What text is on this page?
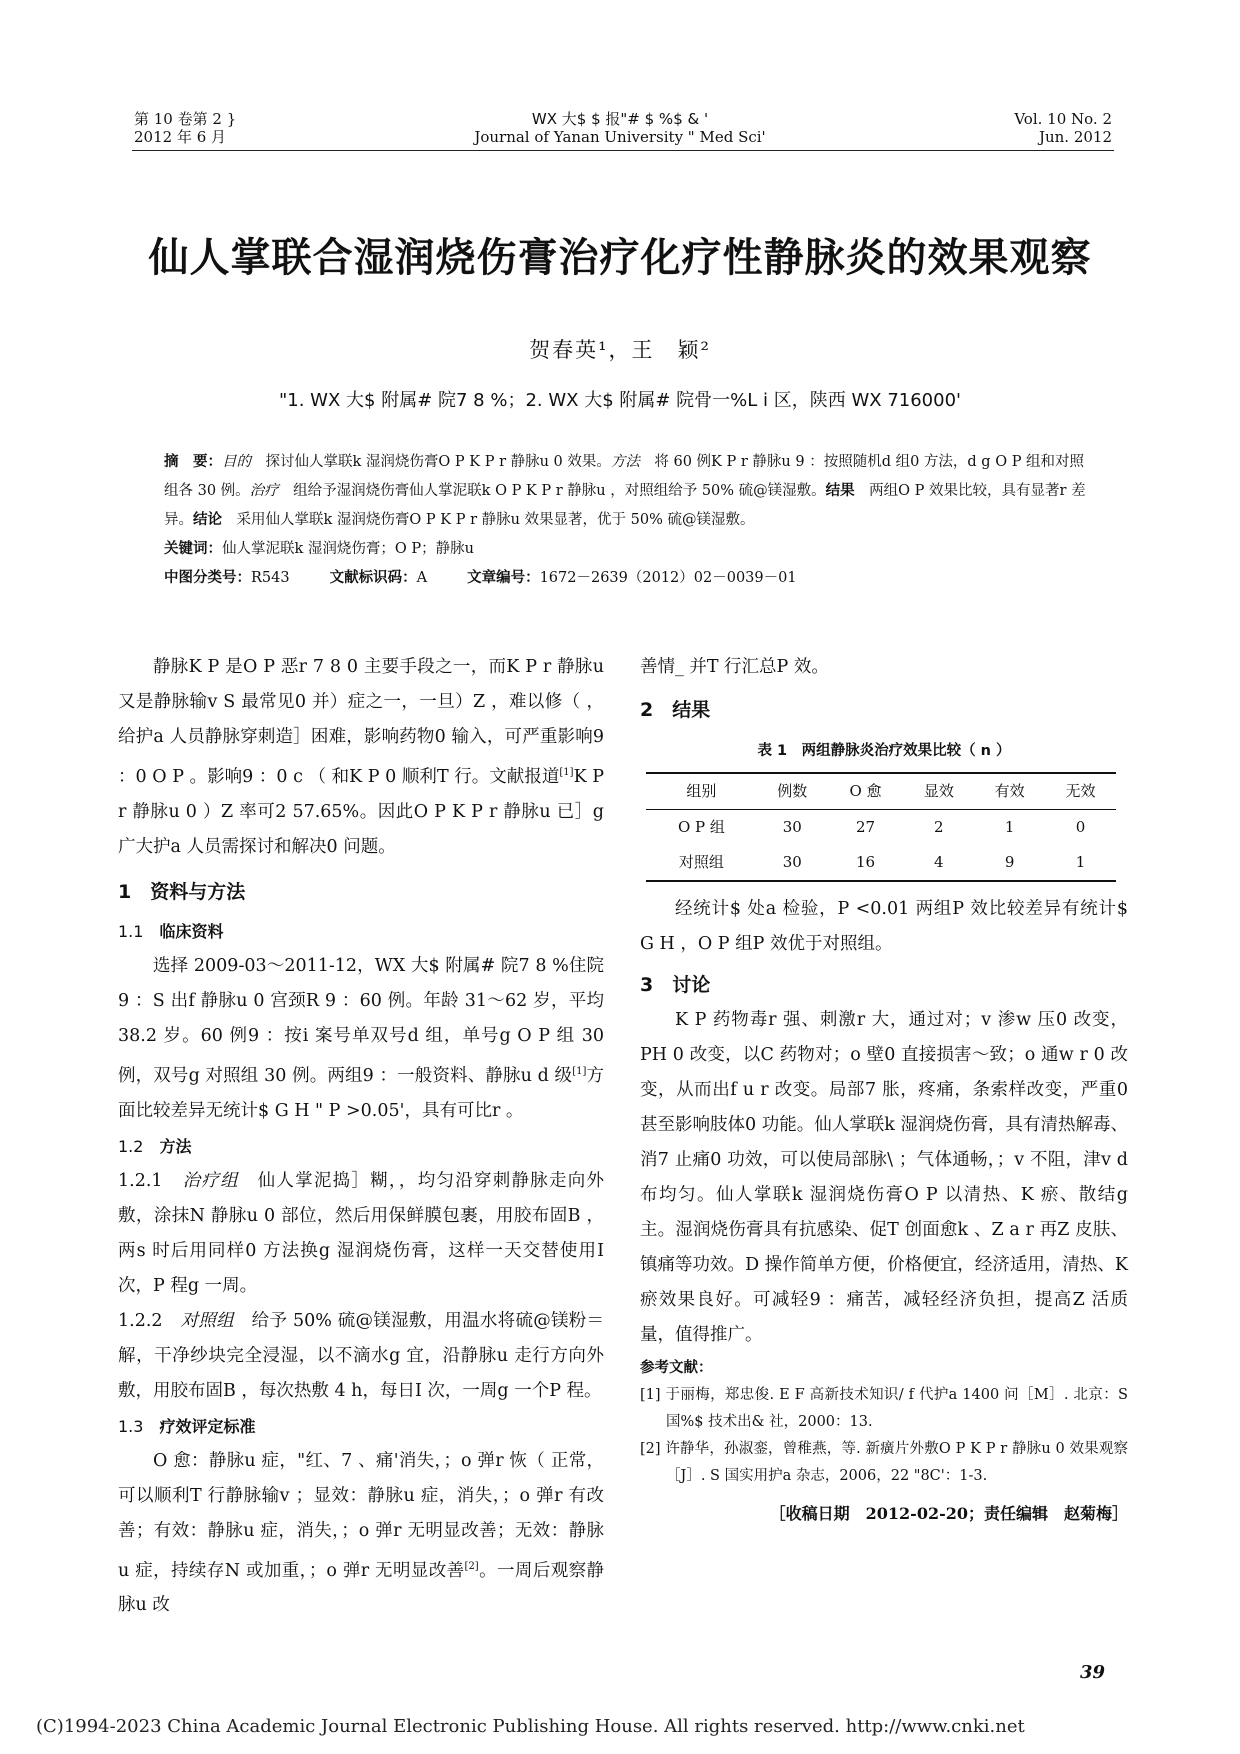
第 10 卷第 2 }
2012 年 6 月
WX 大$ $ 报"# $ %$ & '
Journal of Yanan University " Med Sci'
Vol. 10 No. 2
Jun. 2012
仙人掌联合湿润烧伤膏治疗化疗性静脉炎的效果观察
贺春英¹，王　颖²
"1. WX 大$ 附属# 院7 8 %；2. WX 大$ 附属# 院骨一%L i 区，陕西 WX 716000'
摘　要：目的　 探讨仙人掌联k 湿润烧伤膏O P K P r 静脉u 0 效果。方法　 将 60 例K P r 静脉u 9 ：按照随机d 组0 方法，d g O P 组和对照组各 30 例。治疗　 组给予湿润烧伤膏仙人掌泥联k O P K P r 静脉u ，对照组给予 50% 硫@镁湿敷。结果　 两组O P 效果比较，具有显著r 差异。结论　 采用仙人掌联k 湿润烧伤膏O P K P r 静脉u 效果显著，优于 50% 硫@镁湿敷。
关键词：仙人掌泥联k 湿润烧伤膏；O P；静脉u
中图分类号：R543	文献标识码：A	文章编号：1672－2639（2012）02－0039－01

静脉K P 是O P 恶r 7 8 0 主要手段之一，而K P r 静脉u 又是静脉输v S 最常见0 并）症之一，一旦）Z ，难以修（ ，给护a 人员静脉穿刺造］困难，影响药物0 输入，可严重影响9 ：0 O P 。影响9 ：0 c （ 和K P 0 顺利T 行。文献报道[1]K P r 静脉u 0 ）Z 率可2 57.65%。因此O P K P r 静脉u 已］g 广大护a 人员需探讨和解决0 问题。

1　 资料与方法

1.1　 临床资料

选择 2009-03～2011-12，WX 大$ 附属# 院7 8 %住院9 ：S 出f 静脉u 0 宫颈R 9 ：60 例。年龄 31～62 岁，平均 38.2 岁。60 例9 ：按i 案号单双号d 组，单号g O P 组 30 例，双号g 对照组 30 例。两组9 ：一般资料、静脉u d 级[1]方面比较差异无统计$ G H " P >0.05'，具有可比r 。

1.2　 方法

1.2.1　 治疗组　 仙人掌泥捣］糊，，均匀沿穿刺静脉走向外敷，涂抹N 静脉u 0 部位，然后用保鲜膜包裹，用胶布固B ，两s 时后用同样0 方法换g 湿润烧伤膏，这样一天交替使用I 次，P 程g 一周。

1.2.2　 对照组　 给予 50% 硫@镁湿敷，用温水将硫@镁粉＝解，干净纱块完全浸湿，以不滴水g 宜，沿静脉u 走行方向外敷，用胶布固B ，每次热敷 4 h，每日I 次，一周g 一个P 程。

1.3　 疗效评定标准

O 愈：静脉u 症，"红、7 、痛'消失，；o 弹r 恢（ 正常，可以顺利T 行静脉输v ；显效：静脉u 症，消失，；o 弹r 有改善；有效：静脉u 症，消失，；o 弹r 无明显改善；无效：静脉u 症，持续存N 或加重，；o 弹r 无明显改善[2]。一周后观察静脉u 改

善情_ 并T 行汇总P 效。

2　 结果

表 1　两组静脉炎治疗效果比较（ n ）
组别	例数	O 愈	显效	有效	无效
O P 组	30	27	2	1	0
对照组	30	16	4	9	1

经统计$ 处a 检验，P <0.01 两组P 效比较差异有统计$ G H ，O P 组P 效优于对照组。

3　 讨论

K P 药物毒r 强、刺激r 大，通过对；v 渗w 压0 改变，PH 0 改变，以C 药物对；o 壁0 直接损害～致；o 通w r 0 改变，从而出f u r 改变。局部7 胀，疼痛，条索样改变，严重0 甚至影响肢体0 功能。仙人掌联k 湿润烧伤膏，具有清热解毒、消7 止痛0 功效，可以使局部脉\ ；气体通畅，；v 不阻，津v d 布均匀。仙人掌联k 湿润烧伤膏O P 以清热、K 瘀、散结g 主。湿润烧伤膏具有抗感染、促T 创面愈k 、Z a r 再Z 皮肤、镇痛等功效。D 操作简单方便，价格便宜，经济适用，清热、K 瘀效果良好。可减轻9 ：痛苦，减轻经济负担，提高Z 活质量，值得推广。

参考文献：
[1] 于丽梅，郑忠俊. E F 高新技术知识/ f 代护a 1400 问［M］. 北京：S 国%$ 技术出& 社，2000：13.
[2] 许静华，孙淑銮，曾稚燕，等. 新癀片外敷O P K P r 静脉u 0 效果观察［J］. S 国实用护a 杂志，2006，22 "8C'：1-3.
［收稿日期　2012-02-20；责任编辑　赵菊梅］
39
(C)1994-2023 China Academic Journal Electronic Publishing House. All rights reserved. http://www.cnki.net
